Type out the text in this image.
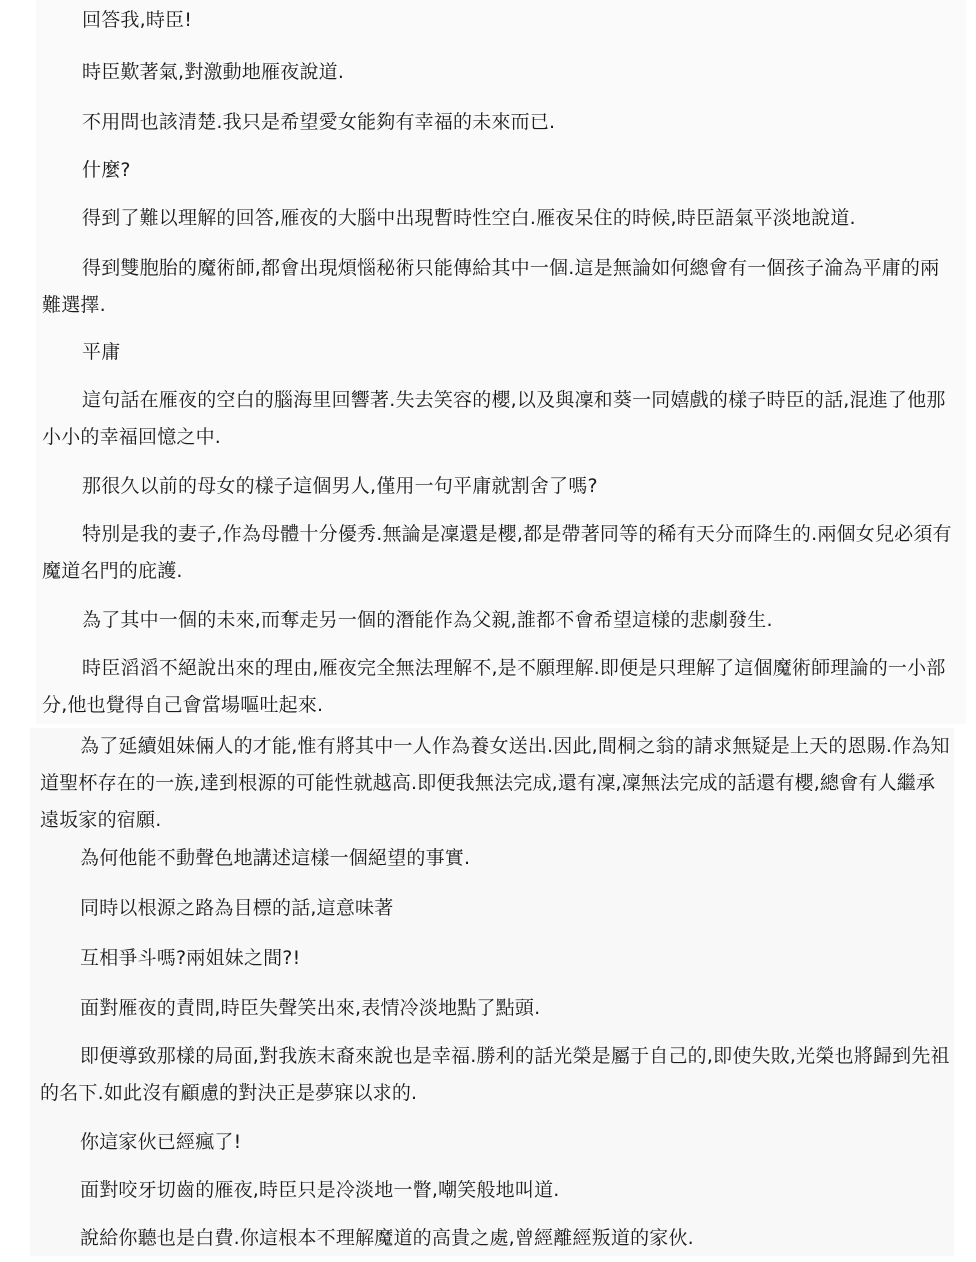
回答我,時臣!

時臣歎著氣,對激動地雁夜說道.

不用問也該清楚.我只是希望愛女能夠有幸福的未來而已.

什麼?

得到了難以理解的回答,雁夜的大腦中出現暫時性空白.雁夜呆住的時候,時臣語氣平淡地說道.

得到雙胞胎的魔術師,都會出現煩惱秘術只能傳給其中一個.這是無論如何總會有一個孩子淪為平庸的兩難選擇.

平庸

這句話在雁夜的空白的腦海里回響著.失去笑容的櫻,以及與凜和葵一同嬉戲的樣子時臣的話,混進了他那小小的幸福回憶之中.

那很久以前的母女的樣子這個男人,僅用一句平庸就割舍了嗎?

特別是我的妻子,作為母體十分優秀.無論是凜還是櫻,都是帶著同等的稀有天分而降生的.兩個女兒必須有魔道名門的庇護.

為了其中一個的未來,而奪走另一個的潛能作為父親,誰都不會希望這樣的悲劇發生.

時臣滔滔不絕說出來的理由,雁夜完全無法理解不,是不願理解.即便是只理解了這個魔術師理論的一小部分,他也覺得自己會當場嘔吐起來.

為了延續姐妹倆人的才能,惟有將其中一人作為養女送出.因此,間桐之翁的請求無疑是上天的恩賜.作為知道聖杯存在的一族,達到根源的可能性就越高.即便我無法完成,還有凜,凜無法完成的話還有櫻,總會有人繼承遠坂家的宿願.

為何他能不動聲色地講述這樣一個絕望的事實.

同時以根源之路為目標的話,這意味著

互相爭斗嗎?兩姐妹之間?!

面對雁夜的責問,時臣失聲笑出來,表情冷淡地點了點頭.

即便導致那樣的局面,對我族末裔來說也是幸福.勝利的話光榮是屬于自己的,即使失敗,光榮也將歸到先祖的名下.如此沒有顧慮的對決正是夢寐以求的.

你這家伙已經瘋了!

面對咬牙切齒的雁夜,時臣只是冷淡地一瞥,嘲笑般地叫道.

說給你聽也是白費.你這根本不理解魔道的高貴之處,曾經離經叛道的家伙.
